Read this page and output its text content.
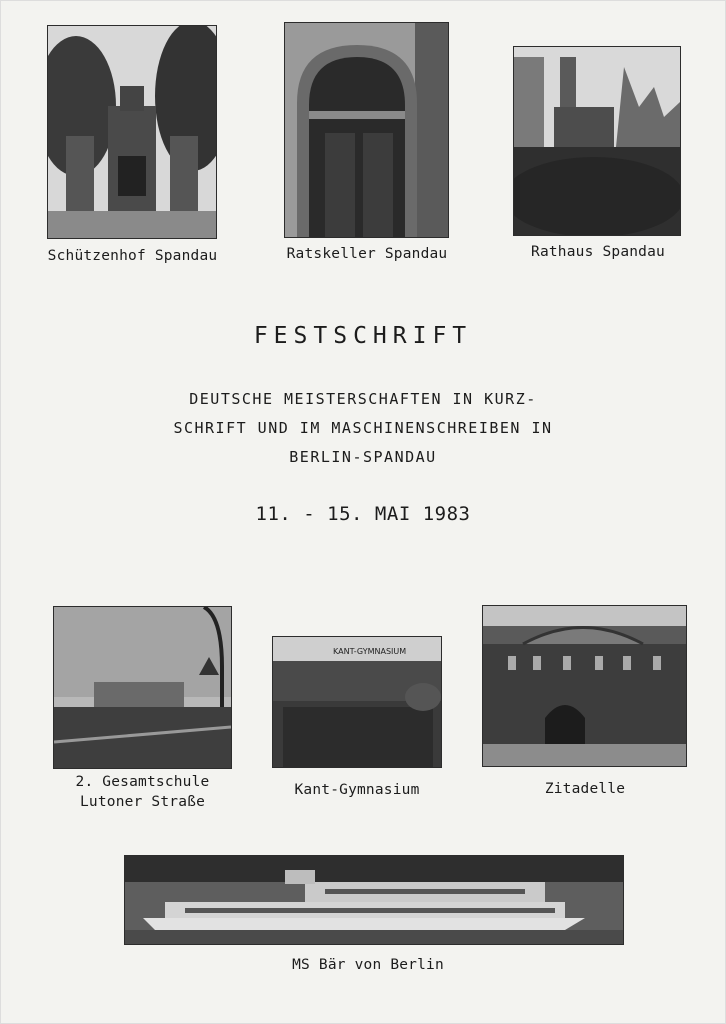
Schützenhof Spandau	Ratskeller Spandau	Rathaus Spandau
FESTSCHRIFT
DEUTSCHE MEISTERSCHAFTEN IN KURZ-
SCHRIFT UND IM MASCHINENSCHREIBEN IN
BERLIN-SPANDAU
11. - 15. MAI 1983
2. Gesamtschule
Lutoner Straße
KANT-GYMNASIUM
Kant-Gymnasium	Zitadelle
MS Bär von Berlin
